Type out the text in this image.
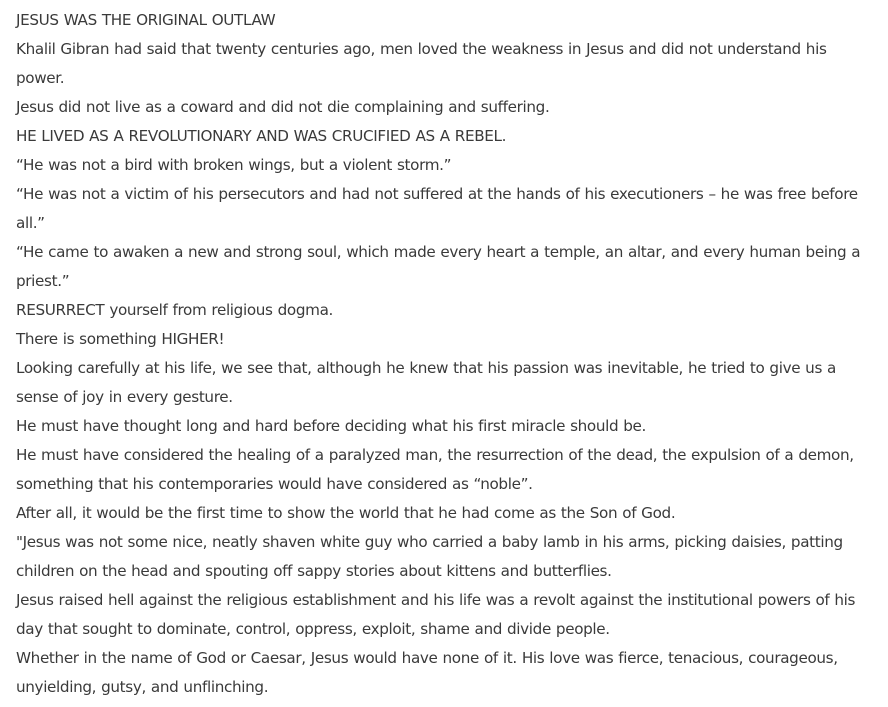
JESUS WAS THE ORIGINAL OUTLAW

Khalil Gibran had said that twenty centuries ago, men loved the weakness in Jesus and did not understand his power.

Jesus did not live as a coward and did not die complaining and suffering.

HE LIVED AS A REVOLUTIONARY AND WAS CRUCIFIED AS A REBEL.

“He was not a bird with broken wings, but a violent storm.”

“He was not a victim of his persecutors and had not suffered at the hands of his executioners – he was free before all.”

“He came to awaken a new and strong soul, which made every heart a temple, an altar, and every human being a priest.”

RESURRECT yourself from religious dogma.

There is something HIGHER!

Looking carefully at his life, we see that, although he knew that his passion was inevitable, he tried to give us a sense of joy in every gesture.

He must have thought long and hard before deciding what his first miracle should be.

He must have considered the healing of a paralyzed man, the resurrection of the dead, the expulsion of a demon, something that his contemporaries would have considered as “noble”.

After all, it would be the first time to show the world that he had come as the Son of God.

"Jesus was not some nice, neatly shaven white guy who carried a baby lamb in his arms, picking daisies, patting children on the head and spouting off sappy stories about kittens and butterflies.

Jesus raised hell against the religious establishment and his life was a revolt against the institutional powers of his day that sought to dominate, control, oppress, exploit, shame and divide people.

Whether in the name of God or Caesar, Jesus would have none of it. His love was fierce, tenacious, courageous, unyielding, gutsy, and unflinching.
